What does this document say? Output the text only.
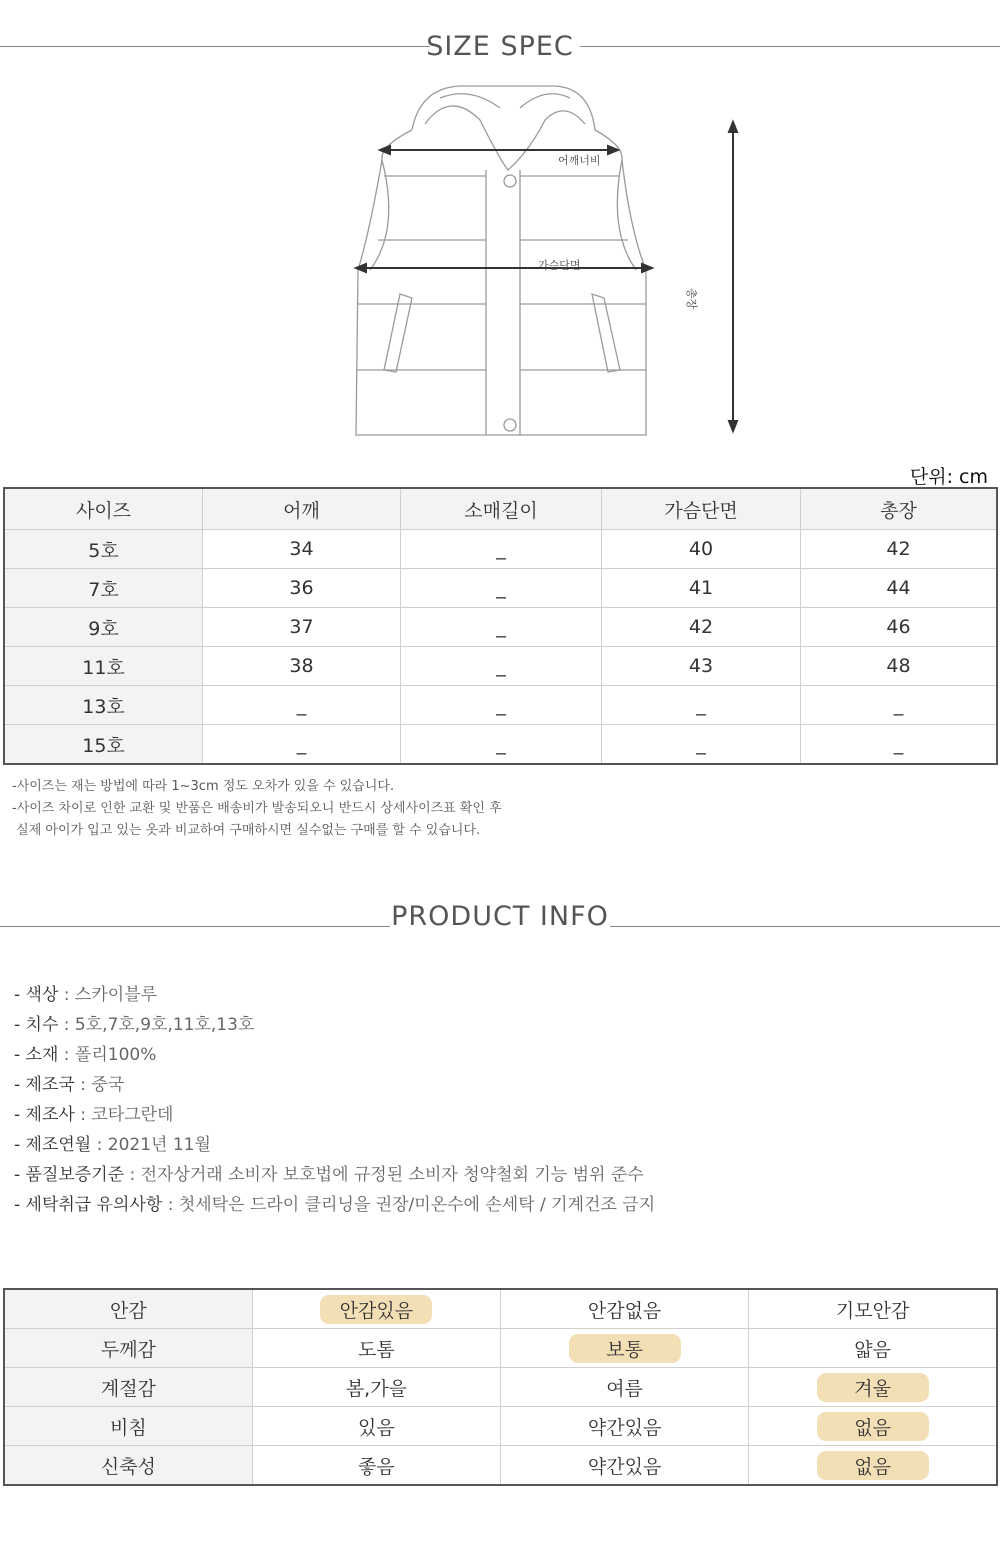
SIZE SPEC
어깨너비
가슴단면
총장
단위: cm
사이즈	어깨	소매길이	가슴단면	총장
5호	34	_	40	42
7호	36	_	41	44
9호	37	_	42	46
11호	38	_	43	48
13호	_	_	_	_
15호	_	_	_	_
-사이즈는 재는 방법에 따라 1~3cm 정도 오차가 있을 수 있습니다.
-사이즈 차이로 인한 교환 및 반품은 배송비가 발송되오니 반드시 상세사이즈표 확인 후
실제 아이가 입고 있는 옷과 비교하여 구매하시면 실수없는 구매를 할 수 있습니다.
PRODUCT INFO
- 색상 : 스카이블루
- 치수 : 5호,7호,9호,11호,13호
- 소재 : 폴리100%
- 제조국 : 중국
- 제조사 : 코타그란데
- 제조연월 : 2021년 11월
- 품질보증기준 : 전자상거래 소비자 보호법에 규정된 소비자 청약철회 기능 범위 준수
- 세탁취급 유의사항 : 첫세탁은 드라이 클리닝을 권장/미온수에 손세탁 / 기계건조 금지
안감	안감있음	안감없음	기모안감
두께감	도톰	보통	얇음
계절감	봄,가을	여름	겨울
비침	있음	약간있음	없음
신축성	좋음	약간있음	없음
